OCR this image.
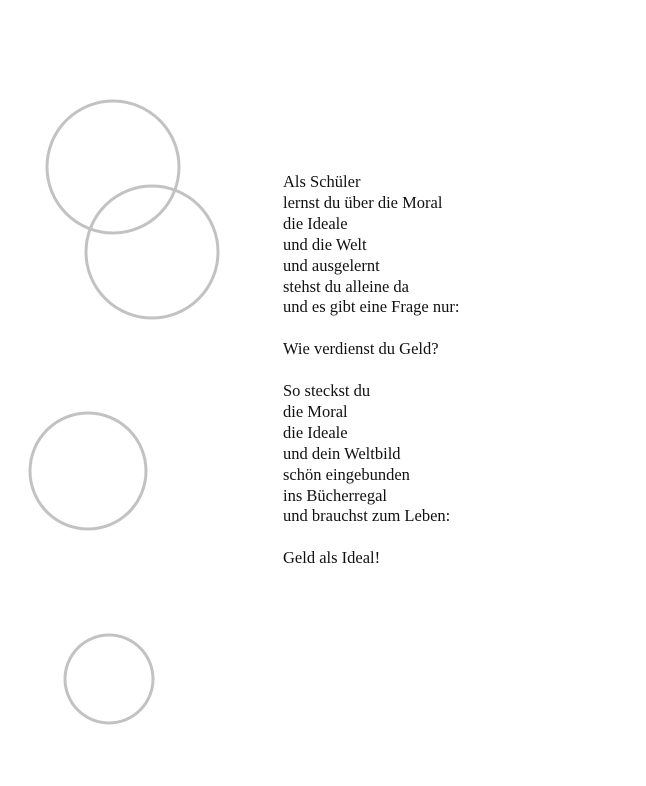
Als Schüler
lernst du über die Moral
die Ideale
und die Welt
und ausgelernt
stehst du alleine da
und es gibt eine Frage nur:
Wie verdienst du Geld?
So steckst du
die Moral
die Ideale
und dein Weltbild
schön eingebunden
ins Bücherregal
und brauchst zum Leben:
Geld als Ideal!
